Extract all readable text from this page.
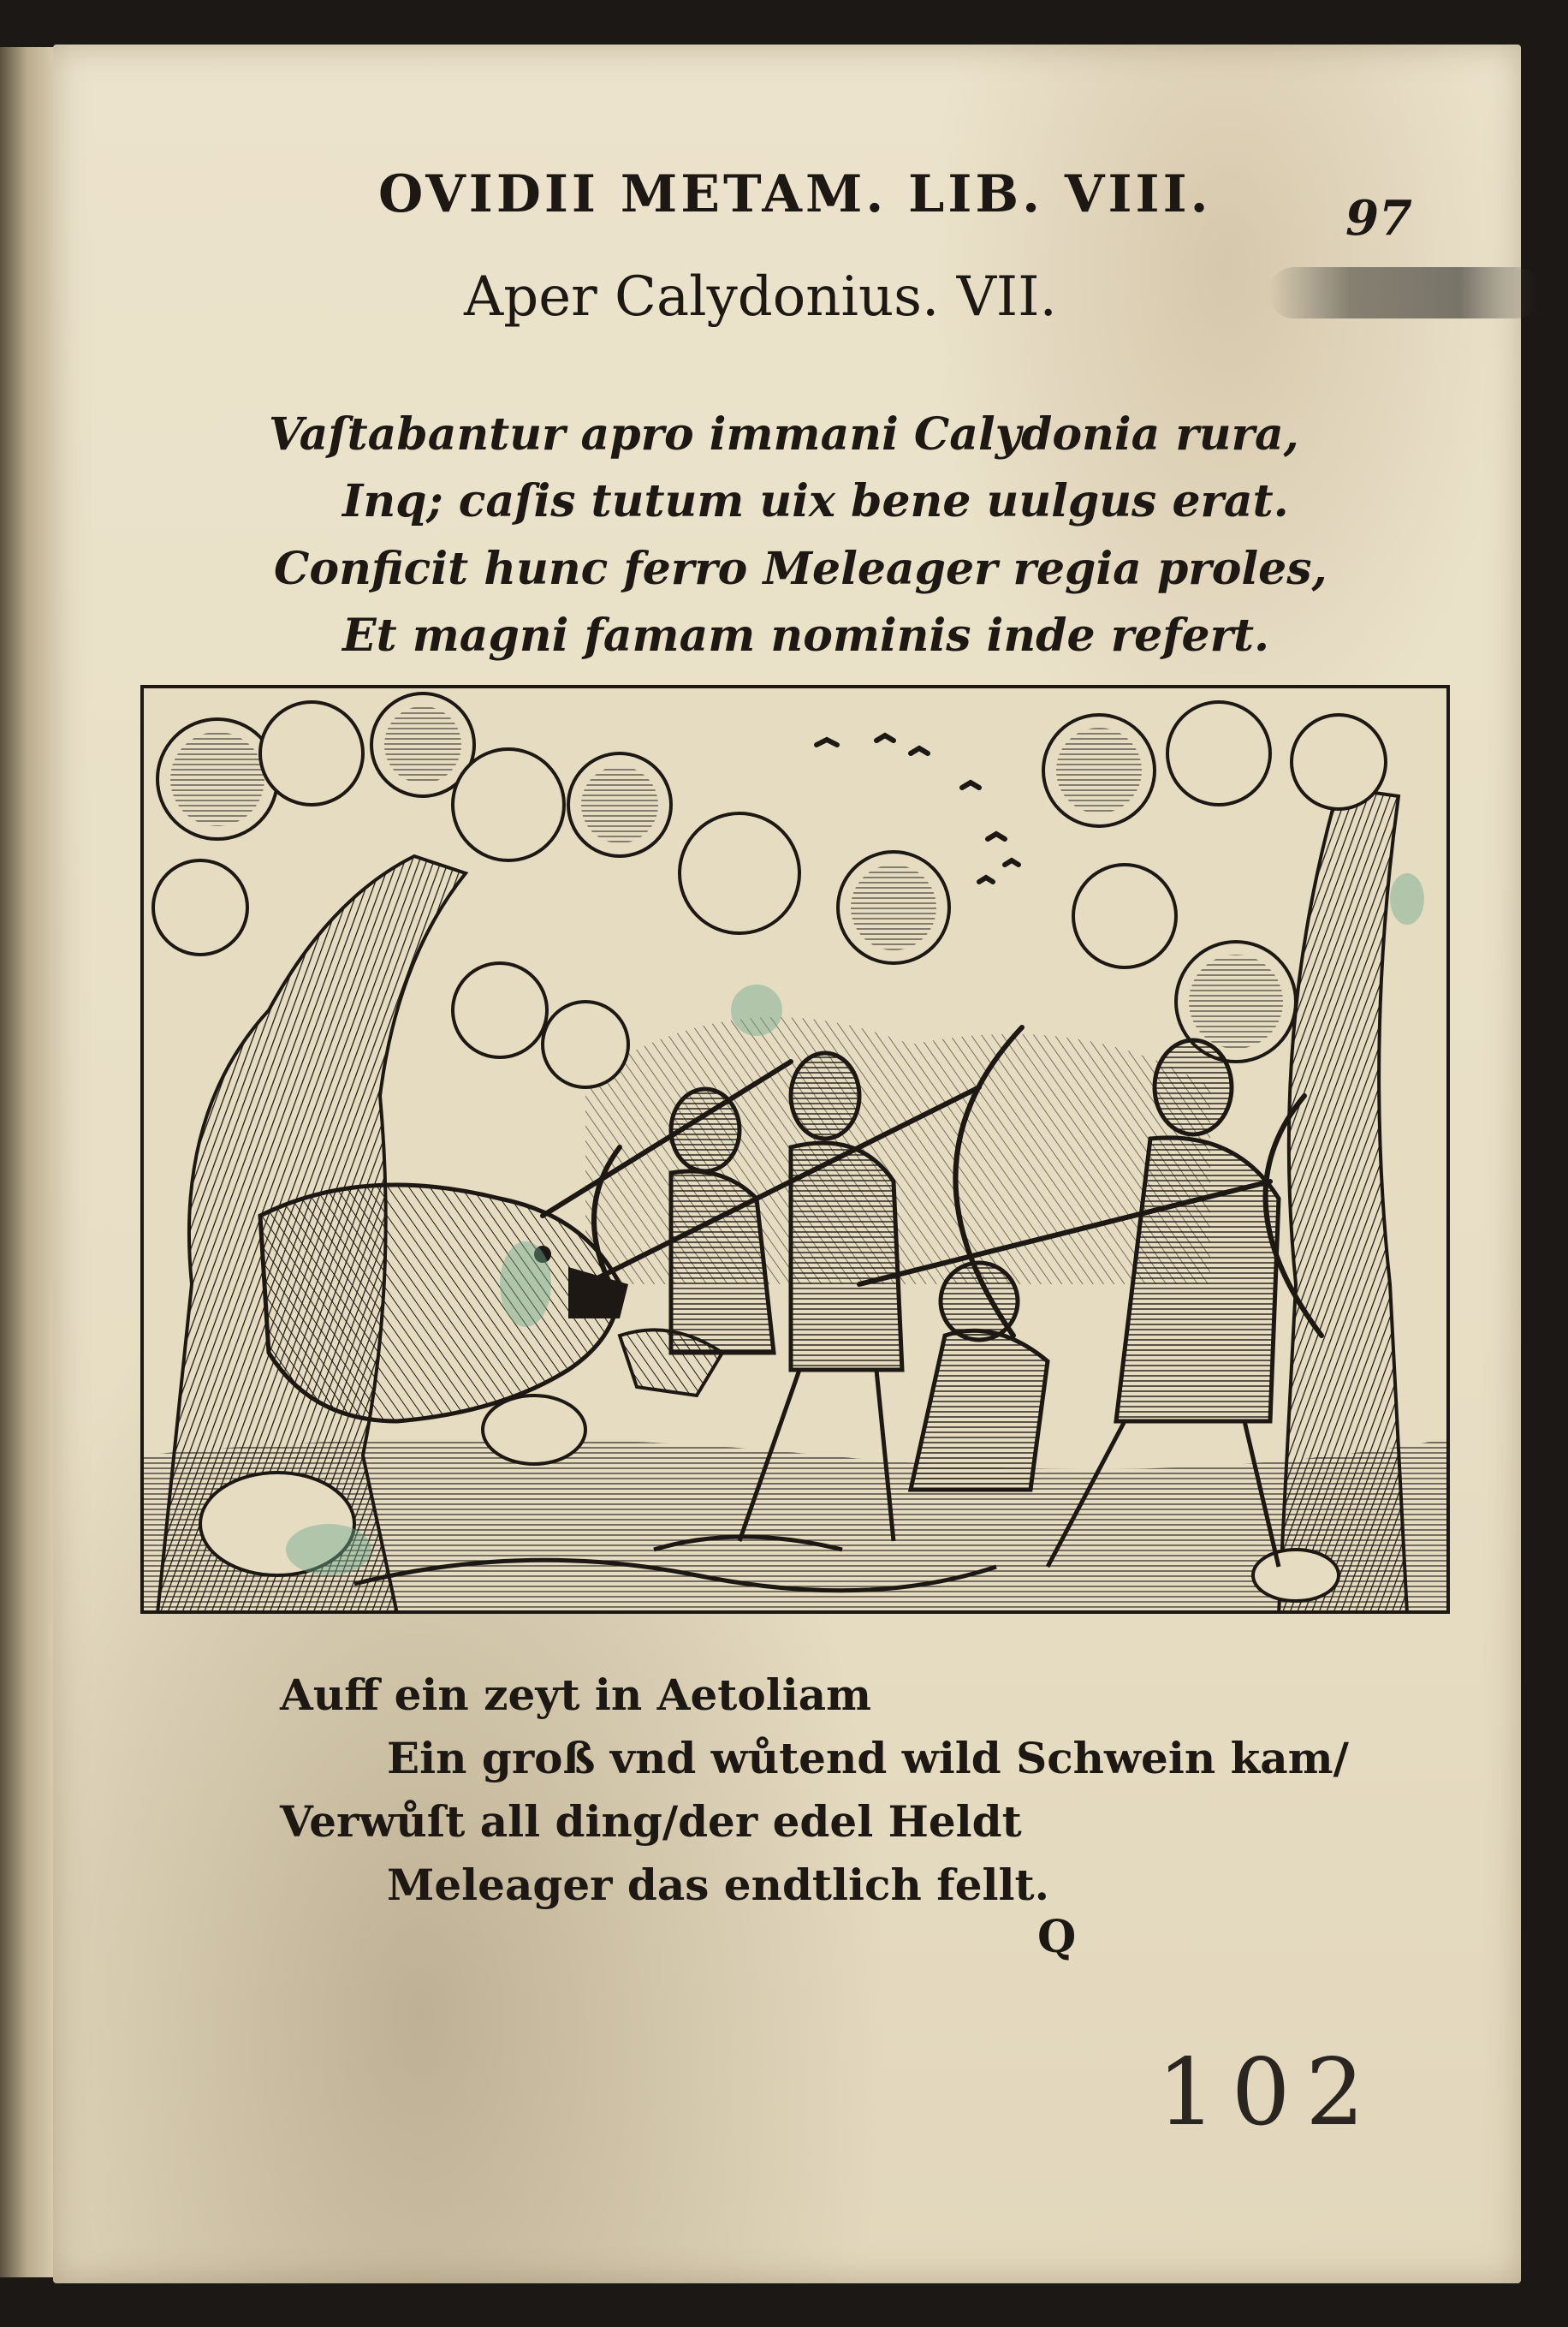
OVIDII METAM. LIB. VIII.	97

Aper Calydonius. VII.

Vaſtabantur apro immani Calydonia rura,

Inq; caſis tutum uix bene uulgus erat.

Conficit hunc ferro Meleager regia proles,

Et magni famam nominis inde refert.

Auff ein zeyt in Aetoliam

Ein groß vnd wůtend wild Schwein kam/

Verwůſt all ding/der edel Heldt

Meleager das endtlich fellt.

Q

102
